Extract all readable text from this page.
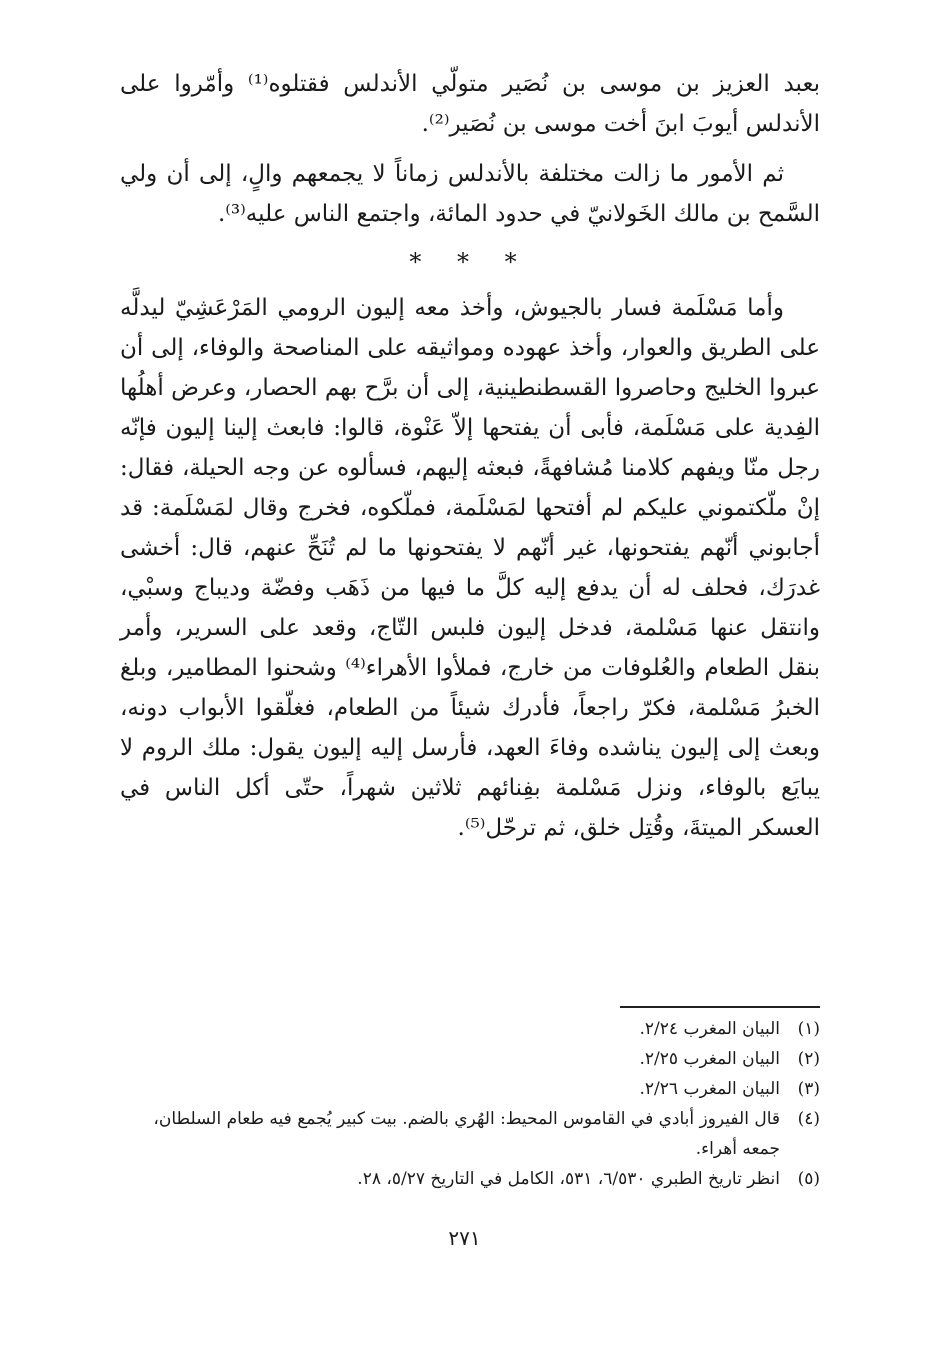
بعبد العزيز بن موسى بن نُصَير متولّي الأندلس فقتلوه⁽¹⁾ وأمّروا على الأندلس أيوبَ ابنَ أخت موسى بن نُصَير⁽²⁾.

ثم الأمور ما زالت مختلفة بالأندلس زماناً لا يجمعهم والٍ، إلى أن ولي السَّمح بن مالك الخَولانيّ في حدود المائة، واجتمع الناس عليه⁽³⁾.

* * *

وأما مَسْلَمة فسار بالجيوش، وأخذ معه إليون الرومي المَرْعَشِيّ ليدلَّه على الطريق والعوار، وأخذ عهوده ومواثيقه على المناصحة والوفاء، إلى أن عبروا الخليج وحاصروا القسطنطينية، إلى أن برَّح بهم الحصار، وعرض أهلُها الفِدية على مَسْلَمة، فأبى أن يفتحها إلاّ عَنْوة، قالوا: فابعث إلينا إليون فإنّه رجل منّا ويفهم كلامنا مُشافهةً، فبعثه إليهم، فسألوه عن وجه الحيلة، فقال: إنْ ملّكتموني عليكم لم أفتحها لمَسْلَمة، فملّكوه، فخرج وقال لمَسْلَمة: قد أجابوني أنّهم يفتحونها، غير أنّهم لا يفتحونها ما لم تُنَحِّ عنهم، قال: أخشى غدرَك، فحلف له أن يدفع إليه كلَّ ما فيها من ذَهَب وفضّة وديباج وسبْي، وانتقل عنها مَسْلمة، فدخل إليون فلبس التّاج، وقعد على السرير، وأمر بنقل الطعام والعُلوفات من خارج، فملأوا الأهراء⁽⁴⁾ وشحنوا المطامير، وبلغ الخبرُ مَسْلمة، فكرّ راجعاً، فأدرك شيئاً من الطعام، فغلّقوا الأبواب دونه، وبعث إلى إليون يناشده وفاءَ العهد، فأرسل إليه إليون يقول: ملك الروم لا يبايَع بالوفاء، ونزل مَسْلمة بفِنائهم ثلاثين شهراً، حتّى أكل الناس في العسكر الميتةَ، وقُتِل خلق، ثم ترحّل⁽⁵⁾.

(١)
البيان المغرب ٢/٢٤.
(٢)
البيان المغرب ٢/٢٥.
(٣)
البيان المغرب ٢/٢٦.
(٤)
قال الفيروز أبادي في القاموس المحيط: الهُري بالضم. بيت كبير يُجمع فيه طعام السلطان، جمعه أهراء.
(٥)
انظر تاريخ الطبري ٦/٥٣٠، ٥٣١، الكامل في التاريخ ٥/٢٧، ٢٨.
٢٧١
